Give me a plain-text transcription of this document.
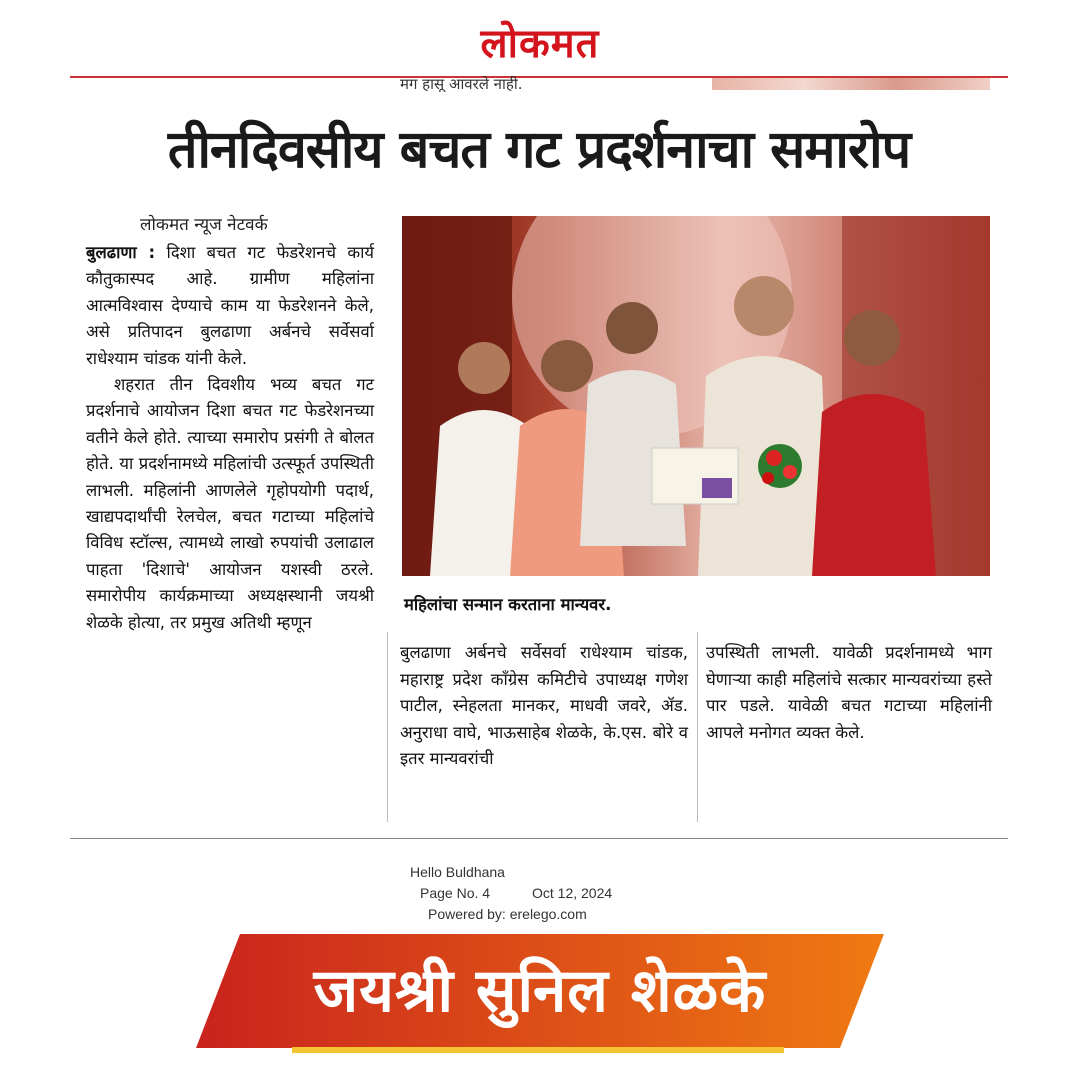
लोकमत
मग हासू आवरले नाही.
तीनदिवसीय बचत गट प्रदर्शनाचा समारोप
लोकमत न्यूज नेटवर्क

बुलढाणा : दिशा बचत गट फेडरेशनचे कार्य कौतुकास्पद आहे. ग्रामीण महिलांना आत्मविश्वास देण्याचे काम या फेडरेशनने केले, असे प्रतिपादन बुलढाणा अर्बनचे सर्वेसर्वा राधेश्याम चांडक यांनी केले.

शहरात तीन दिवशीय भव्य बचत गट प्रदर्शनाचे आयोजन दिशा बचत गट फेडरेशनच्या वतीने केले होते. त्याच्या समारोप प्रसंगी ते बोलत होते. या प्रदर्शनामध्ये महिलांची उत्स्फूर्त उपस्थिती लाभली. महिलांनी आणलेले गृहोपयोगी पदार्थ, खाद्यपदार्थांची रेलचेल, बचत गटाच्या महिलांचे विविध स्टॉल्स, त्यामध्ये लाखो रुपयांची उलाढाल पाहता 'दिशाचे' आयोजन यशस्वी ठरले. समारोपीय कार्यक्रमाच्या अध्यक्षस्थानी जयश्री शेळके होत्या, तर प्रमुख अतिथी म्हणून

महिलांचा सन्मान करताना मान्यवर.
बुलढाणा अर्बनचे सर्वेसर्वा राधेश्याम चांडक, महाराष्ट्र प्रदेश काँग्रेस कमिटीचे उपाध्यक्ष गणेश पाटील, स्नेहलता मानकर, माधवी जवरे, ॲड. अनुराधा वाघे, भाऊसाहेब शेळके, के.एस. बोरे व इतर मान्यवरांची
उपस्थिती लाभली. यावेळी प्रदर्शनामध्ये भाग घेणाऱ्या काही महिलांचे सत्कार मान्यवरांच्या हस्ते पार पडले. यावेळी बचत गटाच्या महिलांनी आपले मनोगत व्यक्त केले.
Hello Buldhana
Page No. 4	Oct 12, 2024
Powered by: erelego.com
जयश्री सुनिल शेळके
